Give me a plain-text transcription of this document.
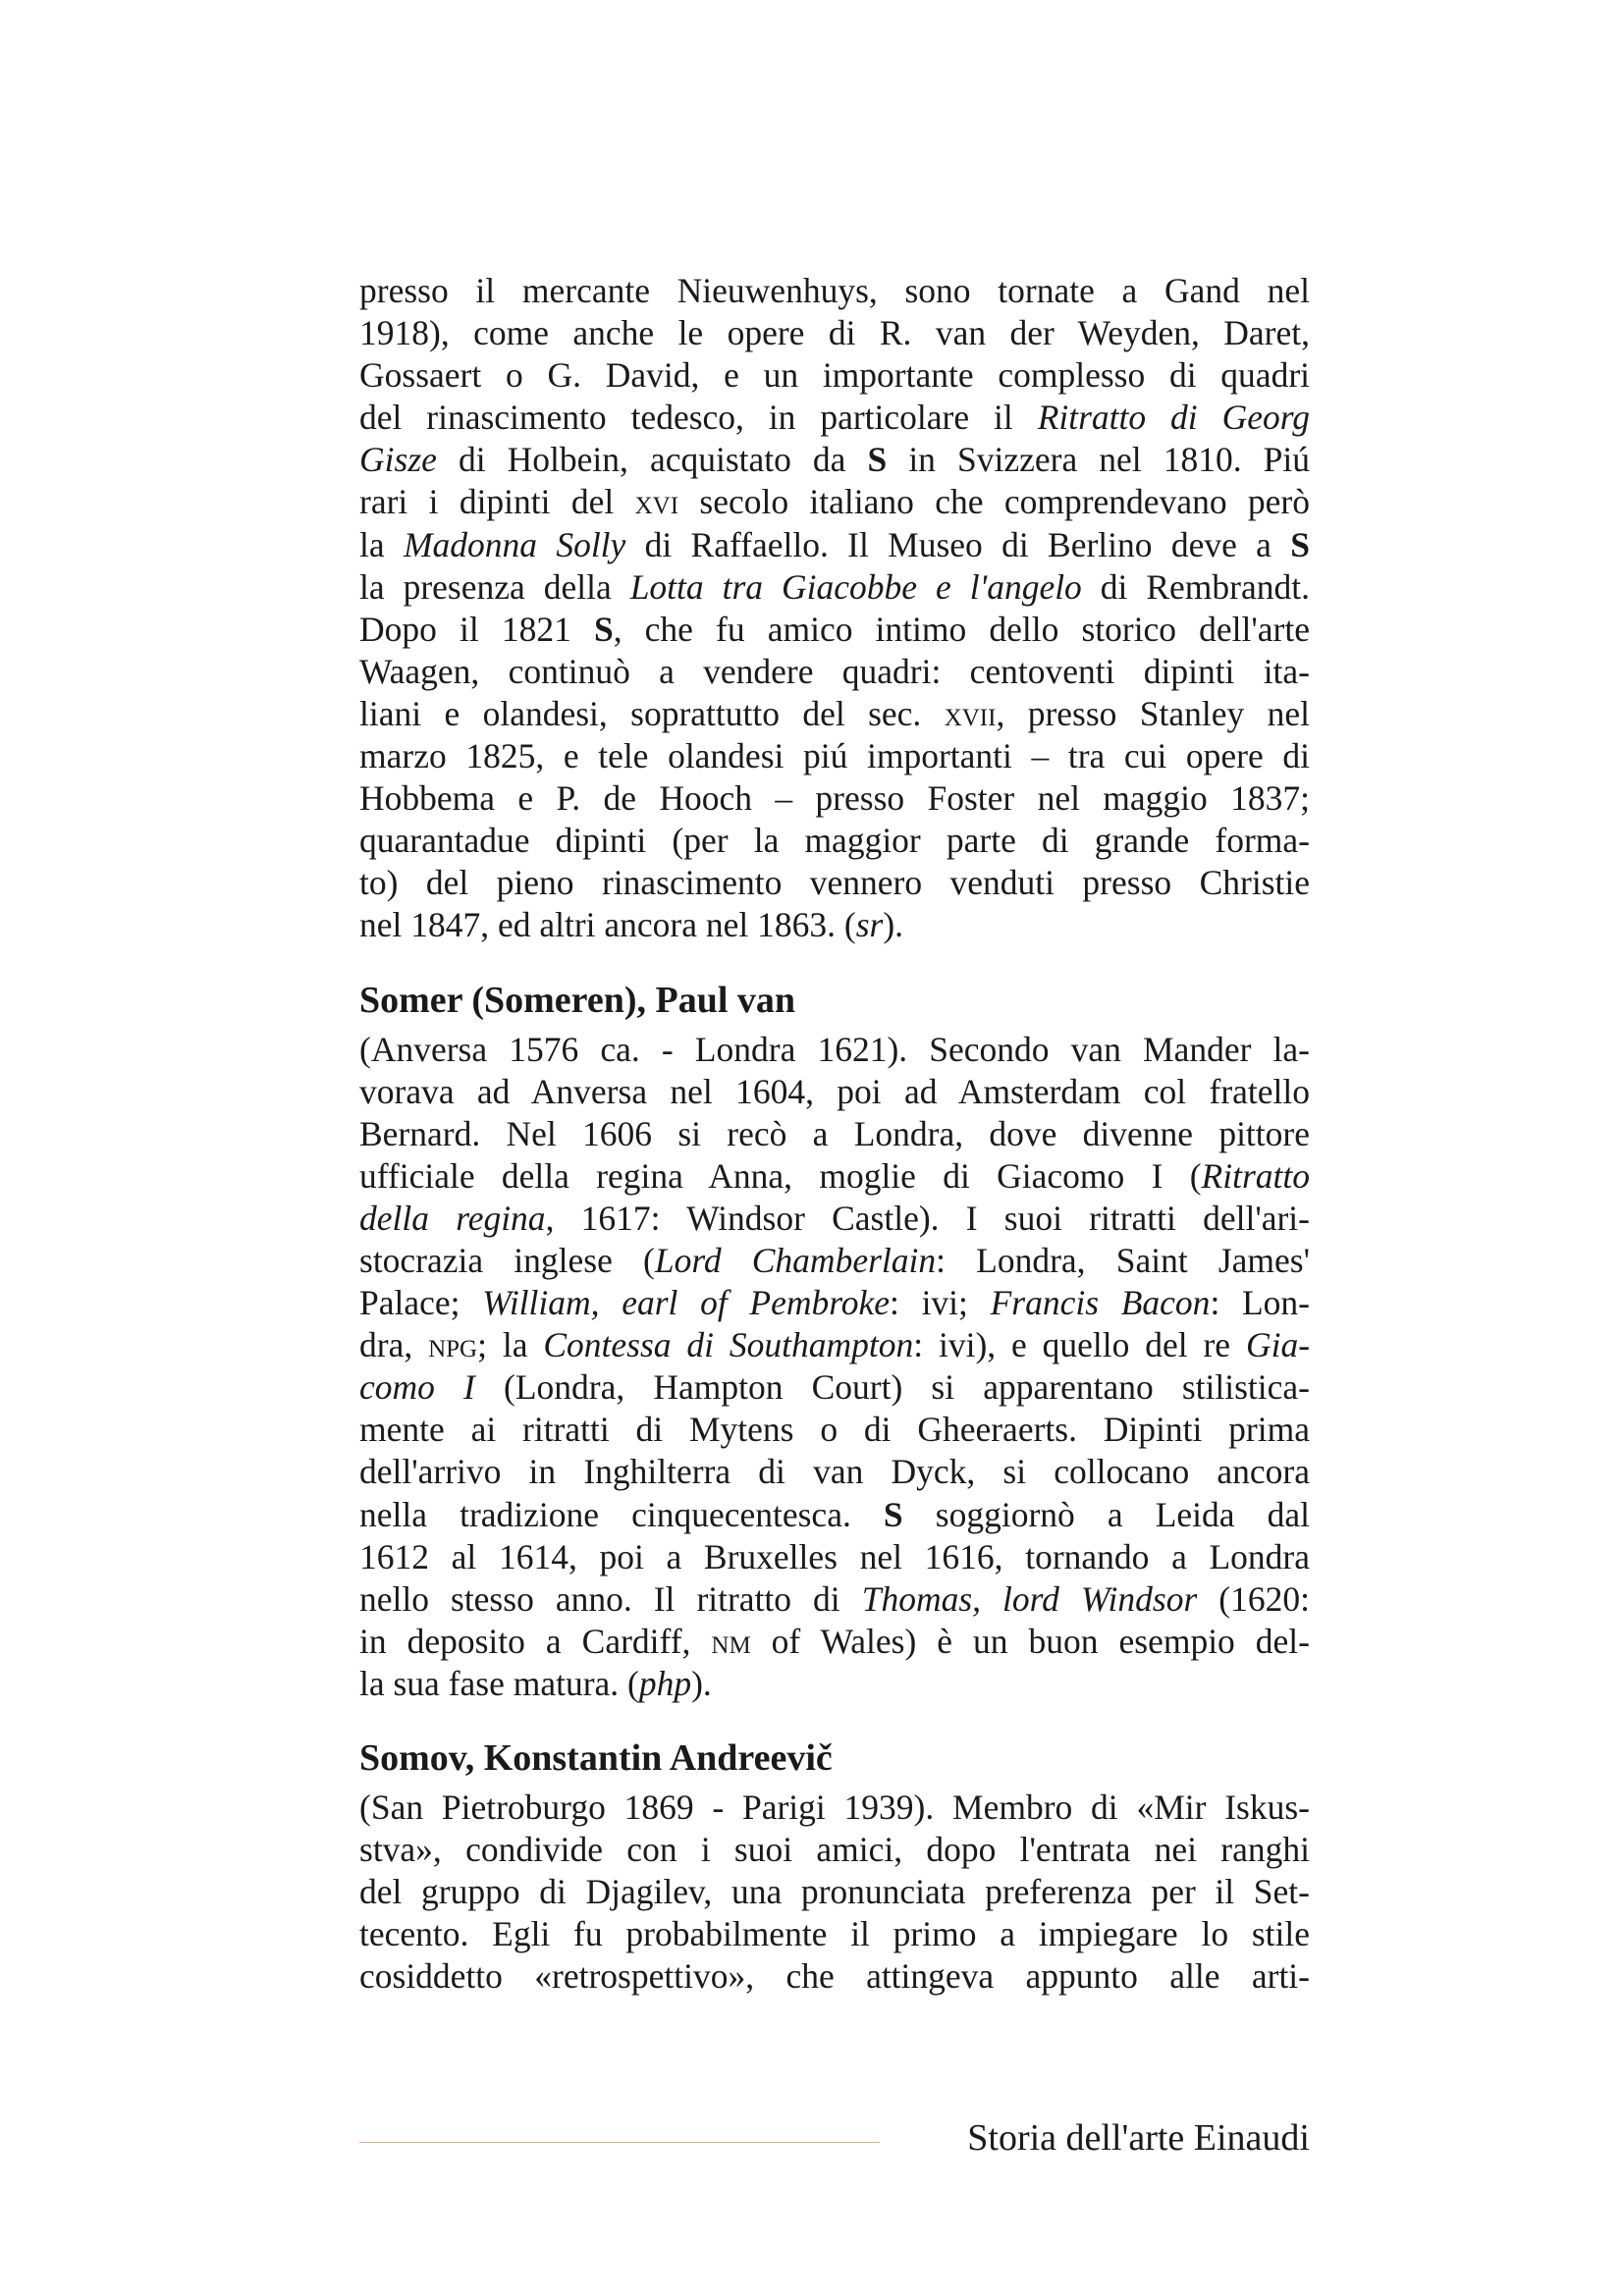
presso il mercante Nieuwenhuys, sono tornate a Gand nel
1918), come anche le opere di R. van der Weyden, Daret,
Gossaert o G. David, e un importante complesso di quadri
del rinascimento tedesco, in particolare il Ritratto di Georg
Gisze di Holbein, acquistato da S in Svizzera nel 1810. Piú
rari i dipinti del xvi secolo italiano che comprendevano però
la Madonna Solly di Raffaello. Il Museo di Berlino deve a S
la presenza della Lotta tra Giacobbe e l'angelo di Rembrandt.
Dopo il 1821 S, che fu amico intimo dello storico dell'arte
Waagen, continuò a vendere quadri: centoventi dipinti ita-
liani e olandesi, soprattutto del sec. xvii, presso Stanley nel
marzo 1825, e tele olandesi piú importanti – tra cui opere di
Hobbema e P. de Hooch – presso Foster nel maggio 1837;
quarantadue dipinti (per la maggior parte di grande forma-
to) del pieno rinascimento vennero venduti presso Christie
nel 1847, ed altri ancora nel 1863. (sr).
Somer (Someren), Paul van
(Anversa 1576 ca. - Londra 1621). Secondo van Mander la-
vorava ad Anversa nel 1604, poi ad Amsterdam col fratello
Bernard. Nel 1606 si recò a Londra, dove divenne pittore
ufficiale della regina Anna, moglie di Giacomo I (Ritratto
della regina, 1617: Windsor Castle). I suoi ritratti dell'ari-
stocrazia inglese (Lord Chamberlain: Londra, Saint James'
Palace; William, earl of Pembroke: ivi; Francis Bacon: Lon-
dra, npg; la Contessa di Southampton: ivi), e quello del re Gia-
como I (Londra, Hampton Court) si apparentano stilistica-
mente ai ritratti di Mytens o di Gheeraerts. Dipinti prima
dell'arrivo in Inghilterra di van Dyck, si collocano ancora
nella tradizione cinquecentesca. S soggiornò a Leida dal
1612 al 1614, poi a Bruxelles nel 1616, tornando a Londra
nello stesso anno. Il ritratto di Thomas, lord Windsor (1620:
in deposito a Cardiff, nm of Wales) è un buon esempio del-
la sua fase matura. (php).
Somov, Konstantin Andreevič
(San Pietroburgo 1869 - Parigi 1939). Membro di «Mir Iskus-
stva», condivide con i suoi amici, dopo l'entrata nei ranghi
del gruppo di Djagilev, una pronunciata preferenza per il Set-
tecento. Egli fu probabilmente il primo a impiegare lo stile
cosiddetto «retrospettivo», che attingeva appunto alle arti-
Storia dell'arte Einaudi
